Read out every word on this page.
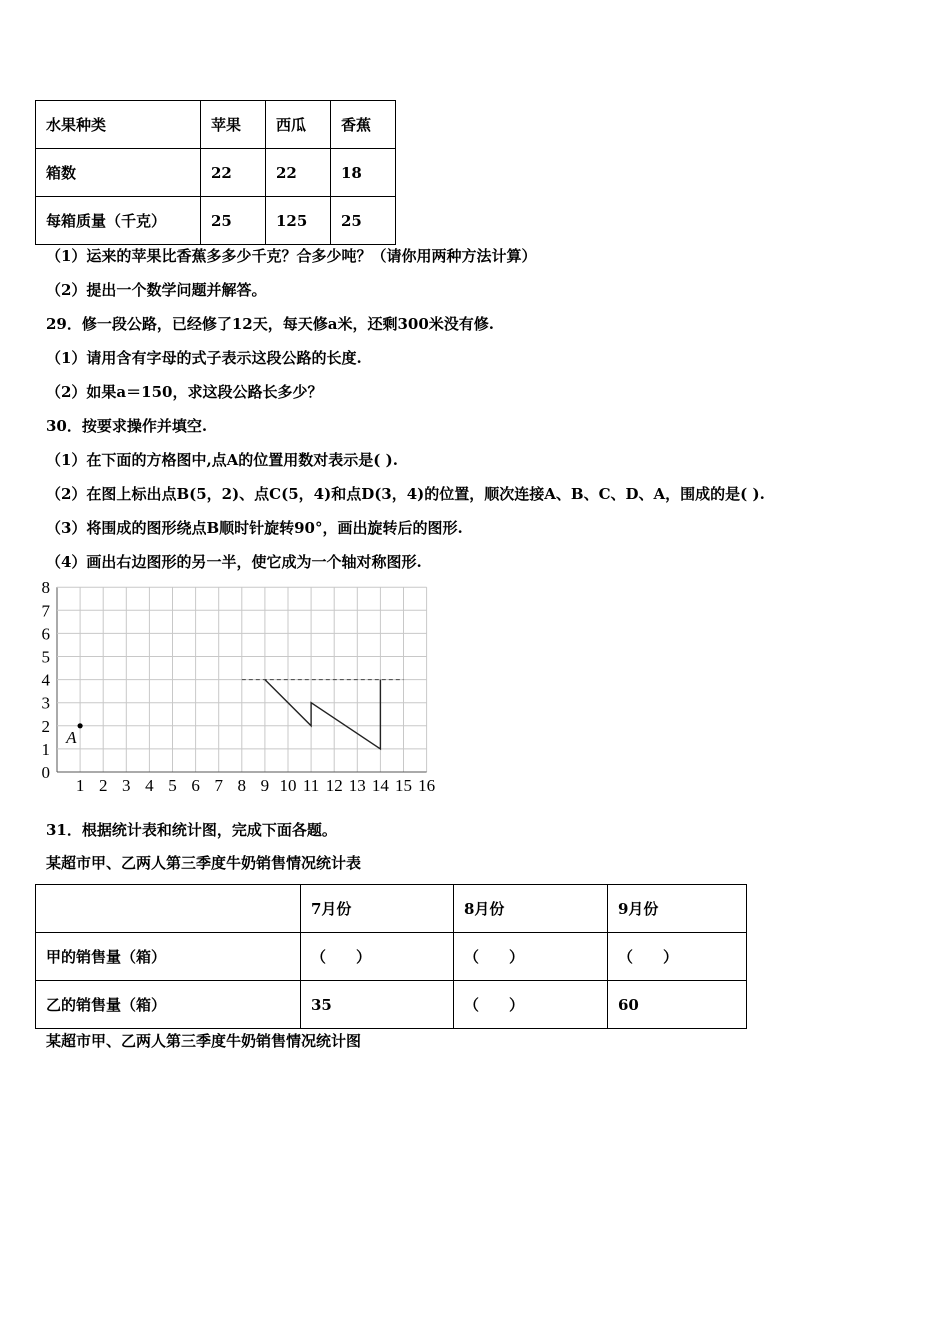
水果种类	苹果	西瓜	香蕉
箱数	22	22	18
每箱质量（千克）	25	125	25
（1）运来的苹果比香蕉多多少千克？合多少吨？（请你用两种方法计算）
（2）提出一个数学问题并解答。
29．修一段公路，已经修了12天，每天修a米，还剩300米没有修.
（1）请用含有字母的式子表示这段公路的长度.
（2）如果a＝150，求这段公路长多少？
30．按要求操作并填空.
（1）在下面的方格图中,点A的位置用数对表示是( ).
（2）在图上标出点B(5，2)、点C(5，4)和点D(3，4)的位置，顺次连接A、B、C、D、A，围成的是( ).
（3）将围成的图形绕点B顺时针旋转90°，画出旋转后的图形.
（4）画出右边图形的另一半，使它成为一个轴对称图形.
1 2 3 4 5 6 7 8 9 10 11 12 13 14 15 16
0
1
2
3
4
5
6
7
8
A
31．根据统计表和统计图，完成下面各题。
某超市甲、乙两人第三季度牛奶销售情况统计表
	7月份	8月份	9月份
甲的销售量（箱）	（　　）	（　　）	（　　）
乙的销售量（箱）	35	（　　）	60
某超市甲、乙两人第三季度牛奶销售情况统计图
